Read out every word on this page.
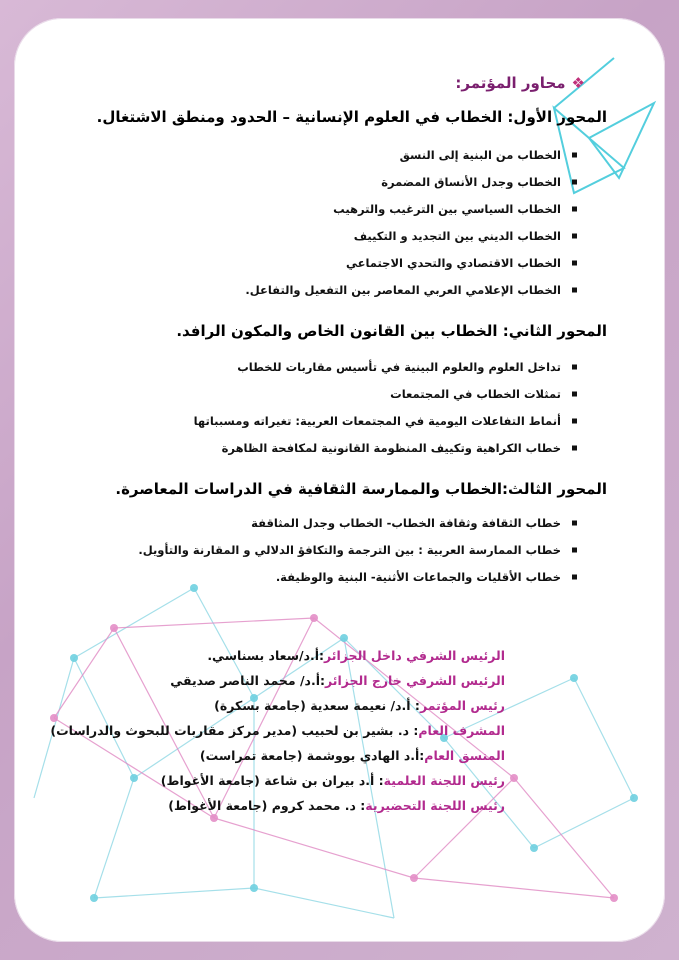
❖محاور المؤتمر:
المحور الأول: الخطاب في العلوم الإنسانية – الحدود ومنطق الاشتغال.
الخطاب من البنية إلى النسق
الخطاب وجدل الأنساق المضمرة
الخطاب السياسي بين الترغيب والترهيب
الخطاب الديني بين التجديد و التكييف
الخطاب الاقتصادي والتحدي الاجتماعي
الخطاب الإعلامي العربي المعاصر بين التفعيل والتفاعل.
المحور الثاني: الخطاب بين القانون الخاص والمكون الرافد.
تداخل العلوم والعلوم البينية في تأسيس مقاربات للخطاب
تمثلات الخطاب في المجتمعات
أنماط التفاعلات اليومية في المجتمعات العربية: تغيراته ومسبباتها
خطاب الكراهية وتكييف المنظومة القانونية لمكافحة الظاهرة
المحور الثالث:الخطاب والممارسة الثقافية في الدراسات المعاصرة.
خطاب الثقافة وثقافة الخطاب- الخطاب وجدل المثاقفة
خطاب الممارسة العربية : بين الترجمة والتكافؤ الدلالي و المقارنة والتأويل.
خطاب الأقليات والجماعات الأثنية- البنية والوظيفة.

الرئيس الشرفي داخل الجزائر:أ.د/سعاد بسناسي.

الرئيس الشرفي خارج الجزائر:أ.د/ محمد الناصر صديقي

رئيس المؤتمر: أ.د/ نعيمة سعدية (جامعة بسكرة)

المشرف العام: د. بشير بن لحبيب (مدير مركز مقاربات للبحوث والدراسات)

المنسق العام:أ.د الهادي بووشمة (جامعة تمراست)

رئيس اللجنة العلمية: أ.د بيران بن شاعة (جامعة الأغواط)

رئيس اللجنة التحضيرية: د. محمد كروم (جامعة الأغواط)
